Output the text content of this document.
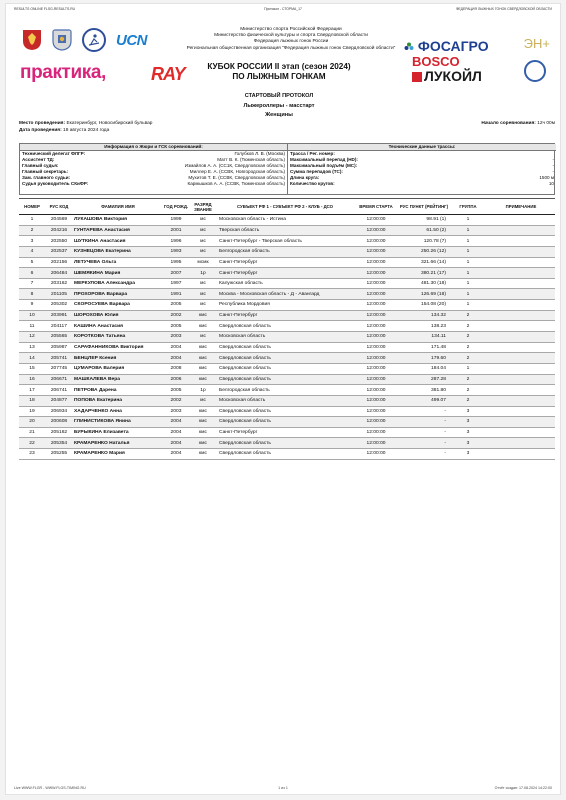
RESULTS ONLINE FLSG-RESULTS.RU	Протокол - СТОРМА_17	ФЕДЕРАЦИЯ ЛЫЖНЫХ ГОНОК СВЕРДЛОВСКОЙ ОБЛАСТИ
UCN
Министерство спорта Российской Федерации
Министерство физической культуры и спорта Свердловской области
Федерация лыжных гонок России
Региональная общественная организация "Федерация лыжных гонок Свердловской области"
практика,	RAY
ФОСАГРО	ЭН+
BOSCO
ЛУКОЙЛ
КУБОК РОССИИ II этап (сезон 2024)
ПО ЛЫЖНЫМ ГОНКАМ
СТАРТОВЫЙ ПРОТОКОЛ
Лыжероллеры - масстарт
Женщины
Место проведения: Екатеринбург, Новосибирский бульвар	Начало соревнования: 12ч 00м
Дата проведения: 18 августа 2024 года
Информация о Жюри и ГСК соревнований:
Технический делегат ФЛГР:	Голубков Л. В. (Москва)
Ассистент ТД:	Матт В. К. (Тюменская область)
Главный судья:	Измайлов А. А. (СС1К, Свердловская область)
Главный секретарь:	Миллер Е. А. (ССВК, Новгородская область)
Зам. главного судьи:	Мухитов Т. Е. (ССВК, Свердловская область)
Судья руководитель СКиФР:	Кармышков А. А. (ССВК, Тюменская область)
Технические данные трассы:
Трасса / Рег. номер:
Максимальный перепад (HD):	-
Максимальный подъём (MC):	-
Сумма перепадов (TC):	-
Длина круга:	1500 м
Количество кругов:	10
НОМЕР	РУС КОД	ФАМИЛИЯ ИМЯ	ГОД РОЖД.	РАЗРЯД ЗВАНИЕ	СУБЪЕКТ РФ 1 - СУБЪЕКТ РФ 2 - КЛУБ - ДСО	ВРЕМЯ СТАРТА	РУС ПУНКТ (РЕЙТИНГ)	ГРУППА	ПРИМЕЧАНИЕ
1	204569	ЛУКАШОВА Виктория	1999	мс	Московская область - Истина	12:00:00	98.91 (1)	1	
2	204216	ГУНТАРЕВА Анастасия	2001	мс	Тверская область	12:00:00	61.50 (2)	1	
3	202550	ШУТКИНА Анастасия	1996	мс	Санкт-Петербург - Тверская область	12:00:00	120.78 (7)	1	
4	202537	КУЗНЕЦОВА Екатерина	1993	мс	Белгородская область	12:00:00	250.26 (12)	1	
5	202156	ЛЕТУЧЕВА Ольга	1995	мсмк	Санкт-Петербург	12:00:00	321.66 (14)	1	
6	206484	ШЕМЯКИНА Мария	2007	1р	Санкт-Петербург	12:00:00	380.21 (17)	1	
7	203162	МЕРКУЛОВА Александра	1997	мс	Калужская область	12:00:00	481.30 (18)	1	
8	201105	ПРОХОРОВА Варвара	1991	мс	Москва - Московская область - Д - Авангард	12:00:00	126.69 (18)	1	
9	205302	СКОРОСУЕВА Варвара	2005	мс	Республика Мордовия	12:00:00	154.08 (20)	1	
10	203991	ШОРОХОВА Юлия	2002	кмс	Санкт-Петербург	12:00:00	134.32	2	
11	204117	КАШИНА Анастасия	2005	кмс	Свердловская область	12:00:00	138.23	2	
12	205565	КОРОТКОВА Татьяна	2003	мс	Московская область	12:00:00	134.11	2	
13	205987	САРАФАННИКОВА Виктория	2004	кмс	Свердловская область	12:00:00	171.48	2	
14	205741	БЕНЦЛЕР Ксения	2004	кмс	Свердловская область	12:00:00	179.60	2	
15	207745	ЦУМАРОВА Валерия	2008	кмс	Свердловская область	12:00:00	184.04	1	
16	206671	МАШКАЛЕВА Вера	2006	кмс	Свердловская область	12:00:00	287.28	2	
17	206741	ПЕТРОВА Дарена	2005	1р	Белгородская область	12:00:00	381.80	2	
18	204877	ПОПОВА Екатерина	2002	мс	Московская область	12:00:00	499.07	2	
19	206934	ХАДАРЧЕНКО Анна	2003	кмс	Свердловская область	12:00:00	-	3	
20	200608	ГЛИНИСТИКОВА Янина	2004	кмс	Свердловская область	12:00:00	-	3	
21	205162	БУРЫКИНА Елизавета	2004	кмс	Санкт-Петербург	12:00:00	-	3	
22	205354	КРАМАРЕНКО Наталья	2004	кмс	Свердловская область	12:00:00	-	3	
23	205255	КРАМАРЕНКО Мария	2004	кмс	Свердловская область	12:00:00	-	3	
Live WWW.FLGR - WWW.FLGS-TIMING.RU	1 из 1	Отчёт создан: 17.08.2024 14:22:00
